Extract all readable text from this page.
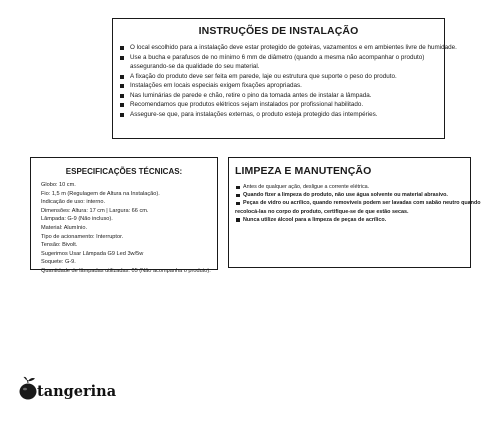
INSTRUÇÕES DE INSTALAÇÃO
O local escolhido para a instalação deve estar protegido de goteiras, vazamentos e em ambientes livre de humidade.
Use a bucha e parafusos de no mínimo 6 mm de diâmetro (quando a mesma não acompanhar o produto)
assegurando-se da qualidade do seu material.
A fixação do produto deve ser feita em parede, laje ou estrutura que suporte o peso do produto.
Instalações em locais especiais exigem fixações apropriadas.
Nas luminárias de parede e chão, retire o pino da tomada antes de instalar a lâmpada.
Recomendamos que produtos elétricos sejam instalados por profissional habilitado.
Assegure-se que, para instalações externas, o produto esteja protegido das intempéries.
ESPECIFICAÇÕES TÉCNICAS:
Globo: 10 cm.
Fio: 1,5 m (Regulagem de Altura na Instalação).
Indicação de uso: interno.
Dimensões: Altura: 17 cm | Largura: 66 cm.
Lâmpada: G-9 (Não incluso).
Material: Alumínio.
Tipo de acionamento: Interruptor.
Tensão: Bivolt.
Sugerimos Usar Lâmpada G9 Led 3w/5w
Soquete: G-9.
Quantidade de lâmpadas utilizadas: 05 (Não acompanha o produto).
LIMPEZA E MANUTENÇÃO
Antes de qualquer ação, desligue a corrente elétrica.
Quando fizer a limpeza do produto, não use água solvente ou material abrasivo.
Peças de vidro ou acrílico, quando removíveis podem ser lavadas com sabão neutro quando
recolocá-las no corpo do produto, certifique-se de que estão secas.
Nunca utilize álcool para a limpeza de peças de acrílico.
tangerina
